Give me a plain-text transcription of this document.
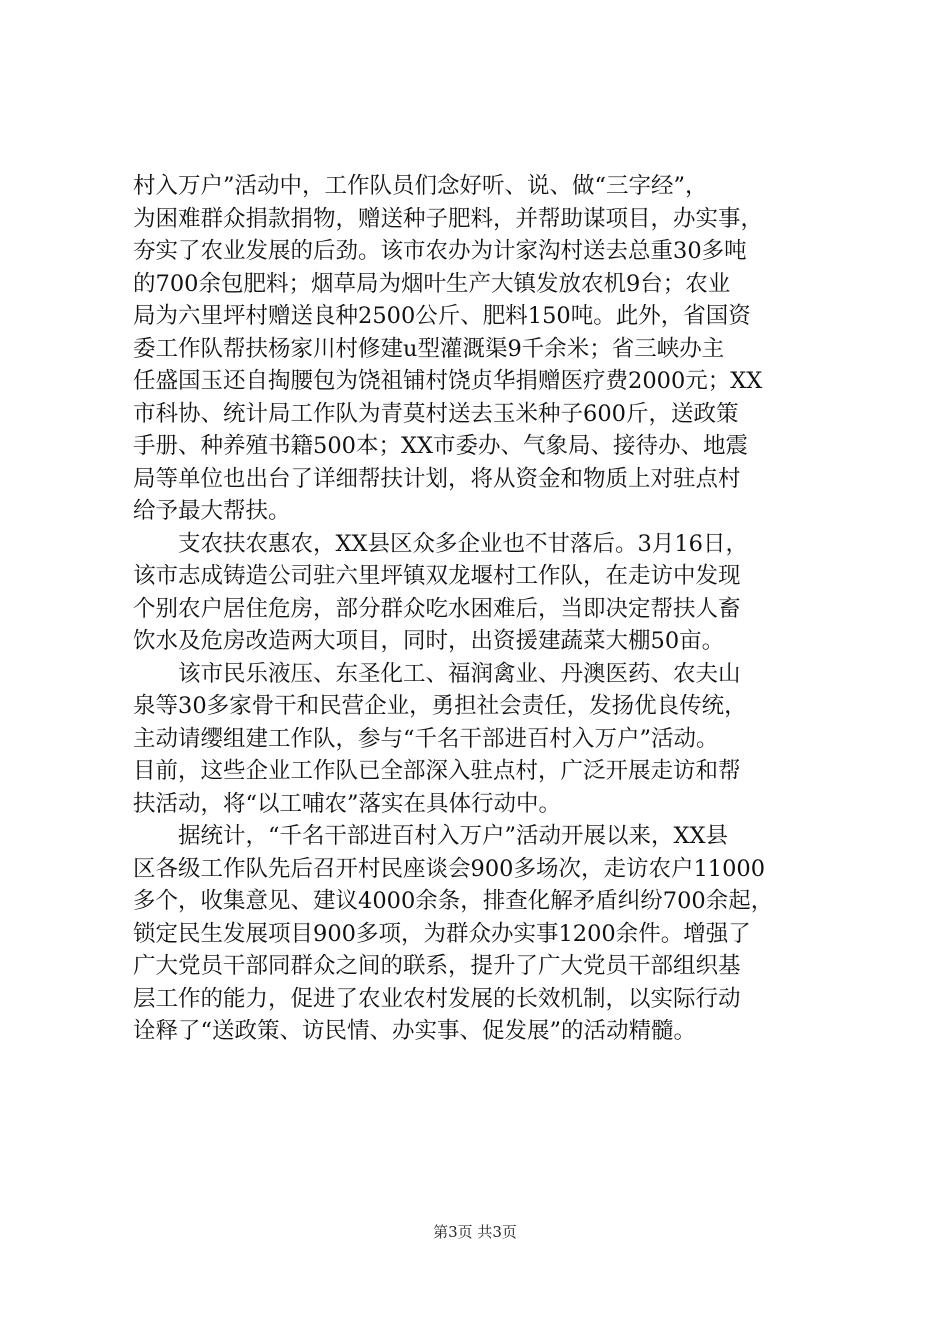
村入万户”活动中，工作队员们念好听、说、做“三字经”，
为困难群众捐款捐物，赠送种子肥料，并帮助谋项目，办实事，
夯实了农业发展的后劲。该市农办为计家沟村送去总重30多吨
的700余包肥料；烟草局为烟叶生产大镇发放农机9台；农业
局为六里坪村赠送良种2500公斤、肥料150吨。此外，省国资
委工作队帮扶杨家川村修建u型灌溉渠9千余米；省三峡办主
任盛国玉还自掏腰包为饶祖铺村饶贞华捐赠医疗费2000元；XX
市科协、统计局工作队为青莫村送去玉米种子600斤，送政策
手册、种养殖书籍500本；XX市委办、气象局、接待办、地震
局等单位也出台了详细帮扶计划，将从资金和物质上对驻点村
给予最大帮扶。
　　支农扶农惠农，XX县区众多企业也不甘落后。3月16日，
该市志成铸造公司驻六里坪镇双龙堰村工作队，在走访中发现
个别农户居住危房，部分群众吃水困难后，当即决定帮扶人畜
饮水及危房改造两大项目，同时，出资援建蔬菜大棚50亩。
　　该市民乐液压、东圣化工、福润禽业、丹澳医药、农夫山
泉等30多家骨干和民营企业，勇担社会责任，发扬优良传统，
主动请缨组建工作队，参与“千名干部进百村入万户”活动。
目前，这些企业工作队已全部深入驻点村，广泛开展走访和帮
扶活动，将“以工哺农”落实在具体行动中。
　　据统计，“千名干部进百村入万户”活动开展以来，XX县
区各级工作队先后召开村民座谈会900多场次，走访农户11000
多个，收集意见、建议4000余条，排查化解矛盾纠纷700余起，
锁定民生发展项目900多项，为群众办实事1200余件。增强了
广大党员干部同群众之间的联系，提升了广大党员干部组织基
层工作的能力，促进了农业农村发展的长效机制，以实际行动
诠释了“送政策、访民情、办实事、促发展”的活动精髓。
第3页 共3页
